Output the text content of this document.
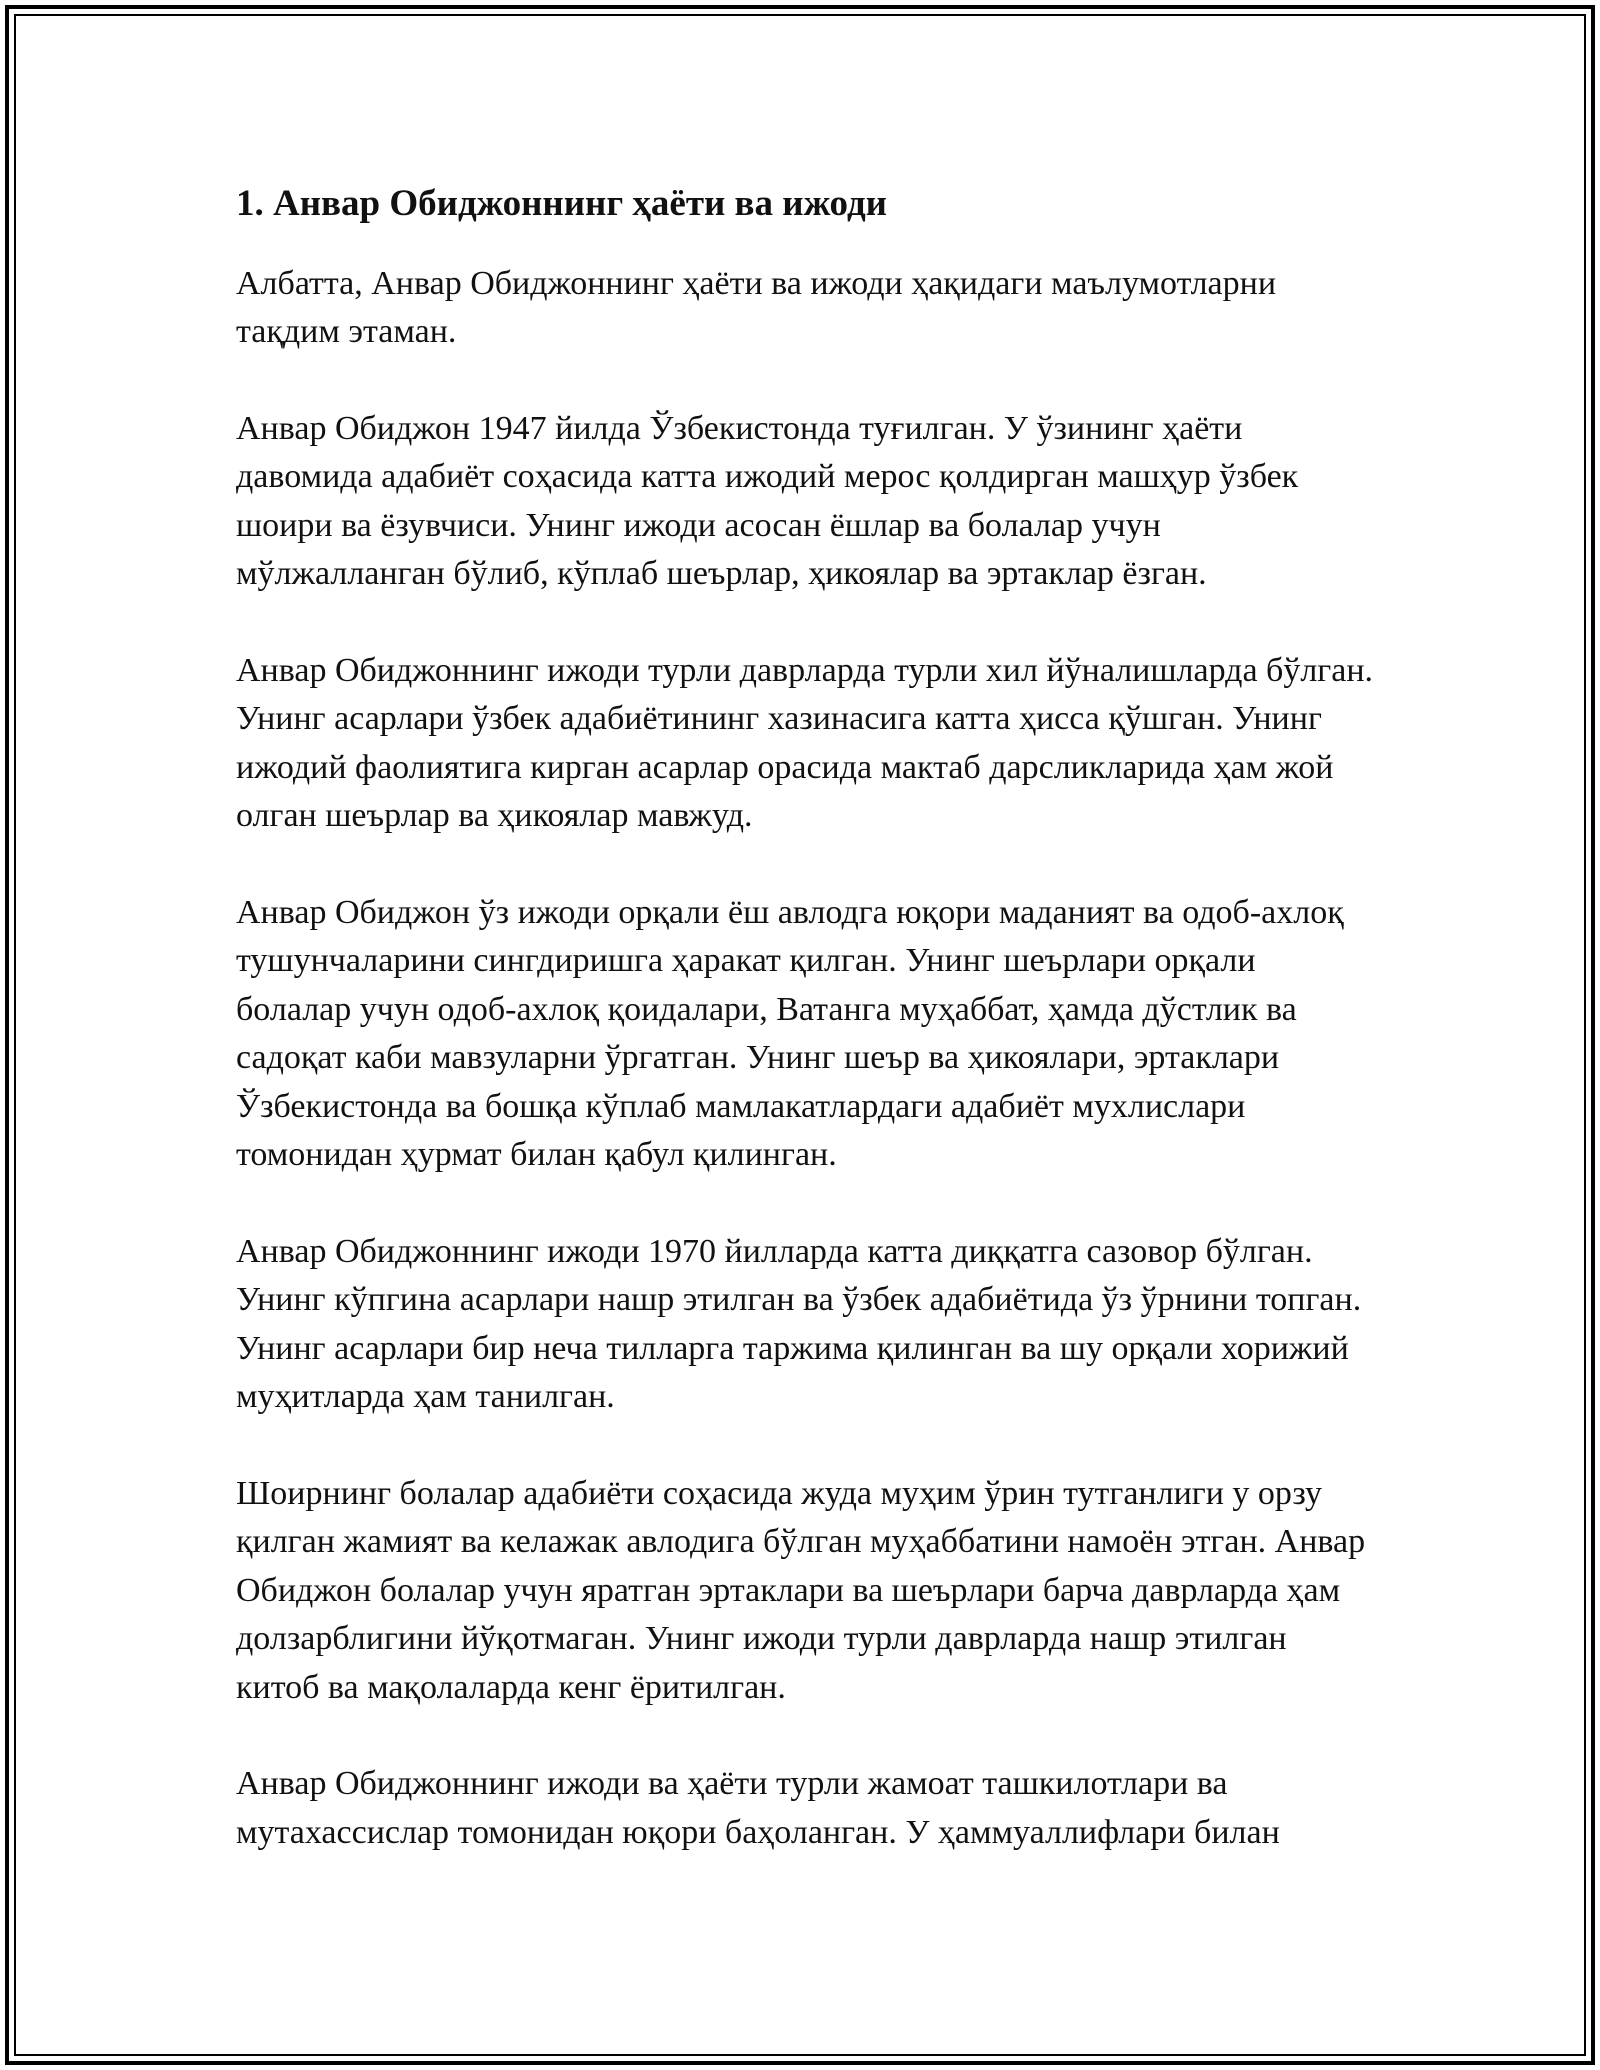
1. Анвар Обиджоннинг ҳаёти ва ижоди

Албатта, Анвар Обиджоннинг ҳаёти ва ижоди ҳақидаги маълумотларни тақдим этаман.

Анвар Обиджон 1947 йилда Ўзбекистонда туғилган. У ўзининг ҳаёти давомида адабиёт соҳасида катта ижодий мерос қолдирган машҳур ўзбек шоири ва ёзувчиси. Унинг ижоди асосан ёшлар ва болалар учун мўлжалланган бўлиб, кўплаб шеърлар, ҳикоялар ва эртаклар ёзган.

Анвар Обиджоннинг ижоди турли даврларда турли хил йўналишларда бўлган. Унинг асарлари ўзбек адабиётининг хазинасига катта ҳисса қўшган. Унинг ижодий фаолиятига кирган асарлар орасида мактаб дарсликларида ҳам жой олган шеърлар ва ҳикоялар мавжуд.

Анвар Обиджон ўз ижоди орқали ёш авлодга юқори маданият ва одоб-ахлоқ тушунчаларини сингдиришга ҳаракат қилган. Унинг шеърлари орқали болалар учун одоб-ахлоқ қоидалари, Ватанга муҳаббат, ҳамда дўстлик ва садоқат каби мавзуларни ўргатган. Унинг шеър ва ҳикоялари, эртаклари Ўзбекистонда ва бошқа кўплаб мамлакатлардаги адабиёт мухлислари томонидан ҳурмат билан қабул қилинган.

Анвар Обиджоннинг ижоди 1970 йилларда катта диққатга сазовор бўлган. Унинг кўпгина асарлари нашр этилган ва ўзбек адабиётида ўз ўрнини топган. Унинг асарлари бир неча тилларга таржима қилинган ва шу орқали хорижий муҳитларда ҳам танилган.

Шоирнинг болалар адабиёти соҳасида жуда муҳим ўрин тутганлиги у орзу қилган жамият ва келажак авлодига бўлган муҳаббатини намоён этган. Анвар Обиджон болалар учун яратган эртаклари ва шеърлари барча даврларда ҳам долзарблигини йўқотмаган. Унинг ижоди турли даврларда нашр этилган китоб ва мақолаларда кенг ёритилган.

Анвар Обиджоннинг ижоди ва ҳаёти турли жамоат ташкилотлари ва мутахассислар томонидан юқори баҳоланган. У ҳаммуаллифлари билан
